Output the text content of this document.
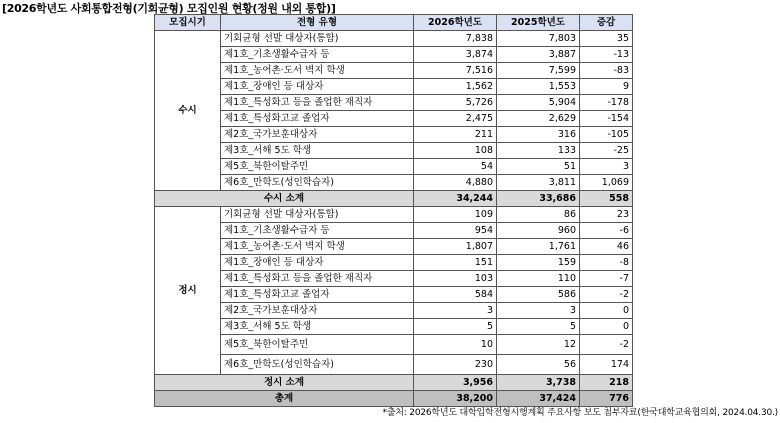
[2026학년도 사회통합전형(기회균형) 모집인원 현황(정원 내외 통합)]
모집시기	전형 유형	2026학년도	2025학년도	증감
수시	기회균형 선발 대상자(통합)	7,838	7,803	35
	제1호_기초생활수급자 등	3,874	3,887	-13
	제1호_농어촌·도서 벽지 학생	7,516	7,599	-83
	제1호_장애인 등 대상자	1,562	1,553	9
	제1호_특성화고 등을 졸업한 재직자	5,726	5,904	-178
	제1호_특성화고교 졸업자	2,475	2,629	-154
	제2호_국가보훈대상자	211	316	-105
	제3호_서해 5도 학생	108	133	-25
	제5호_북한이탈주민	54	51	3
	제6호_만학도(성인학습자)	4,880	3,811	1,069
수시 소계		34,244	33,686	558
정시	기회균형 선발 대상자(통합)	109	86	23
	제1호_기초생활수급자 등	954	960	-6
	제1호_농어촌·도서 벽지 학생	1,807	1,761	46
	제1호_장애인 등 대상자	151	159	-8
	제1호_특성화고 등을 졸업한 재직자	103	110	-7
	제1호_특성화고교 졸업자	584	586	-2
	제2호_국가보훈대상자	3	3	0
	제3호_서해 5도 학생	5	5	0
	제5호_북한이탈주민	10	12	-2
	제6호_만학도(성인학습자)	230	56	174
정시 소계		3,956	3,738	218
총계		38,200	37,424	776
*출처: 2026학년도 대학입학전형시행계획 주요사항 보도 첨부자료(한국대학교육협의회, 2024.04.30.)
